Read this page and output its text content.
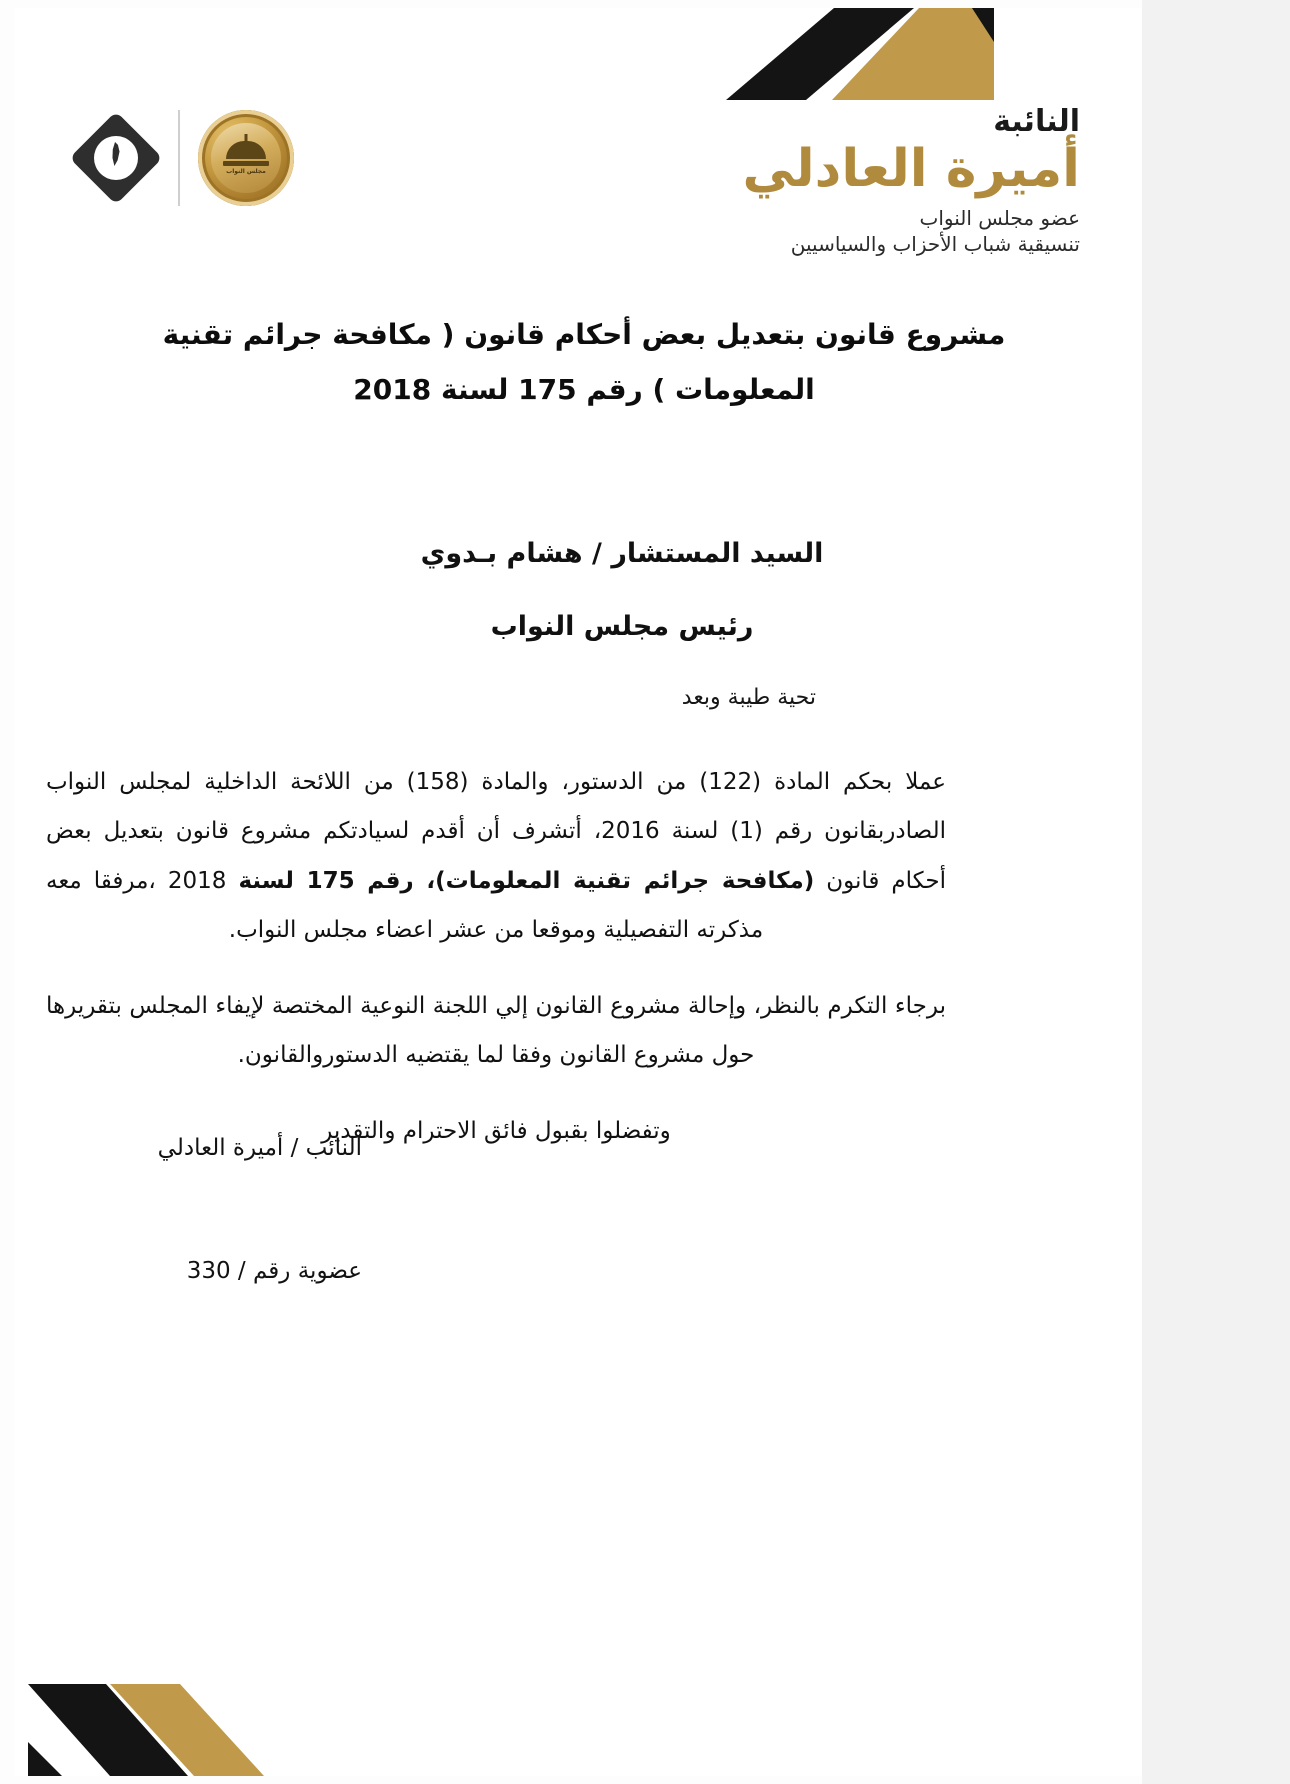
مجلس النواب
النائبة
أميرة العادلي
عضو مجلس النواب
تنسيقية شباب الأحزاب والسياسيين
مشروع قانون بتعديل بعض أحكام قانون ( مكافحة جرائم تقنية
المعلومات ) رقم 175 لسنة 2018
السيد المستشار / هشام بـدوي
رئيس مجلس النواب
تحية طيبة وبعد

عملا بحكم المادة (122) من الدستور، والمادة (158) من اللائحة الداخلية لمجلس النواب الصادربقانون رقم (1) لسنة 2016، أتشرف أن أقدم لسيادتكم مشروع قانون بتعديل بعض أحكام قانون (مكافحة جرائم تقنية المعلومات)، رقم 175 لسنة 2018 ،مرفقا معه مذكرته التفصيلية وموقعا من عشر اعضاء مجلس النواب.

برجاء التكرم بالنظر، وإحالة مشروع القانون إلي اللجنة النوعية المختصة لإيفاء المجلس بتقريرها حول مشروع القانون وفقا لما يقتضيه الدستوروالقانون.

وتفضلوا بقبول فائق الاحترام والتقدير

النائب / أميرة العادلي
عضوية رقم / 330
